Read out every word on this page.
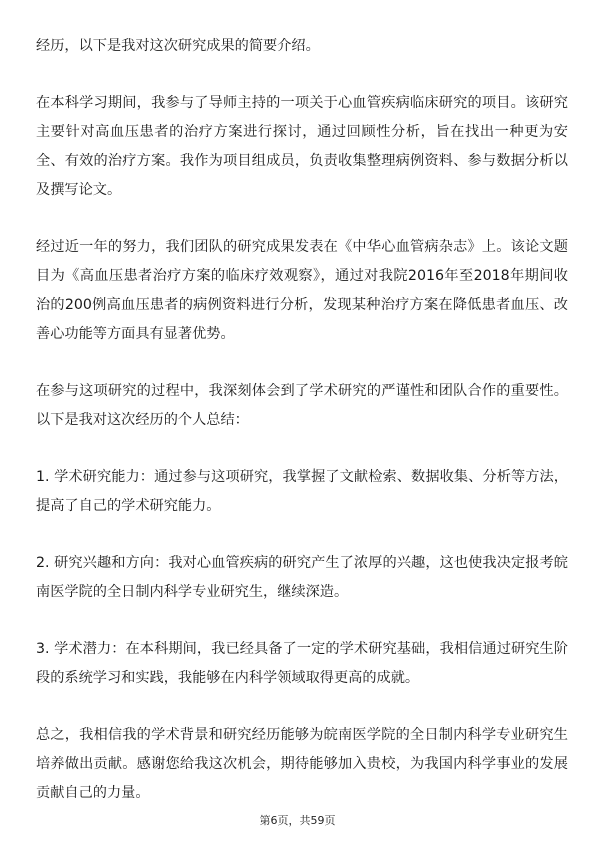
经历，以下是我对这次研究成果的简要介绍。

在本科学习期间，我参与了导师主持的一项关于心血管疾病临床研究的项目。该研究主要针对高血压患者的治疗方案进行探讨，通过回顾性分析，旨在找出一种更为安全、有效的治疗方案。我作为项目组成员，负责收集整理病例资料、参与数据分析以及撰写论文。

经过近一年的努力，我们团队的研究成果发表在《中华心血管病杂志》上。该论文题目为《高血压患者治疗方案的临床疗效观察》，通过对我院2016年至2018年期间收治的200例高血压患者的病例资料进行分析，发现某种治疗方案在降低患者血压、改善心功能等方面具有显著优势。

在参与这项研究的过程中，我深刻体会到了学术研究的严谨性和团队合作的重要性。以下是我对这次经历的个人总结：

1. 学术研究能力：通过参与这项研究，我掌握了文献检索、数据收集、分析等方法，提高了自己的学术研究能力。

2. 研究兴趣和方向：我对心血管疾病的研究产生了浓厚的兴趣，这也使我决定报考皖南医学院的全日制内科学专业研究生，继续深造。

3. 学术潜力：在本科期间，我已经具备了一定的学术研究基础，我相信通过研究生阶段的系统学习和实践，我能够在内科学领域取得更高的成就。

总之，我相信我的学术背景和研究经历能够为皖南医学院的全日制内科学专业研究生培养做出贡献。感谢您给我这次机会，期待能够加入贵校，为我国内科学事业的发展贡献自己的力量。

第6页，共59页
